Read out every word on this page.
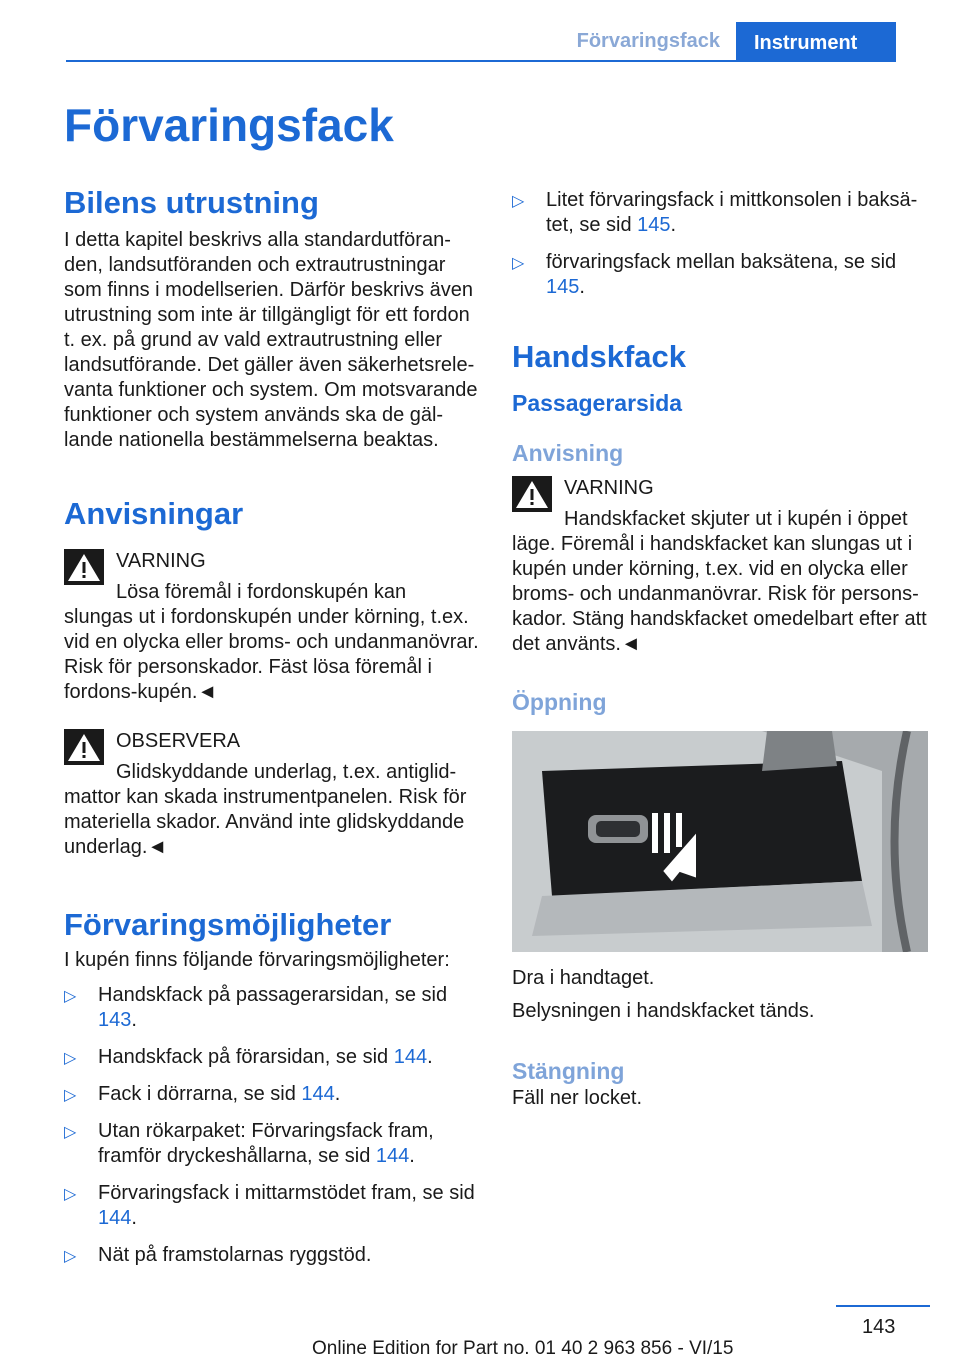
Förvaringsfack	Instrument
Förvaringsfack
Bilens utrustning

I detta kapitel beskrivs alla standardutföran-den, landsutföranden och extrautrustningar som finns i modellserien. Därför beskrivs även utrustning som inte är tillgängligt för ett fordon t. ex. på grund av vald extrautrustning eller landsutförande. Det gäller även säkerhetsrele-vanta funktioner och system. Om motsvarande funktioner och system används ska de gäl-lande nationella bestämmelserna beaktas.

Anvisningar
VARNING
Lösa föremål i fordonskupén kan slungas ut i fordonskupén under körning, t.ex. vid en olycka eller broms- och undanmanövrar. Risk för personskador. Fäst lösa föremål i fordons-kupén.◄
OBSERVERA
Glidskyddande underlag, t.ex. antiglid-mattor kan skada instrumentpanelen. Risk för materiella skador. Använd inte glidskyddande underlag.◄
Förvaringsmöjligheter

I kupén finns följande förvaringsmöjligheter:

▷ Handskfack på passagerarsidan, se sid 143.
▷ Handskfack på förarsidan, se sid 144.
▷ Fack i dörrarna, se sid 144.
▷ Utan rökarpaket: Förvaringsfack fram, framför dryckeshållarna, se sid 144.
▷ Förvaringsfack i mittarmstödet fram, se sid 144.
▷ Nät på framstolarnas ryggstöd.
▷ Litet förvaringsfack i mittkonsolen i baksä-tet, se sid 145.
▷ förvaringsfack mellan baksätena, se sid 145.
Handskfack
Passagerarsida
Anvisning
VARNING
Handskfacket skjuter ut i kupén i öppet läge. Föremål i handskfacket kan slungas ut i kupén under körning, t.ex. vid en olycka eller broms- och undanmanövrar. Risk för persons-kador. Stäng handskfacket omedelbart efter att det använts.◄
Öppning

Dra i handtaget.

Belysningen i handskfacket tänds.

Stängning

Fäll ner locket.

143
Online Edition for Part no. 01 40 2 963 856 - VI/15
